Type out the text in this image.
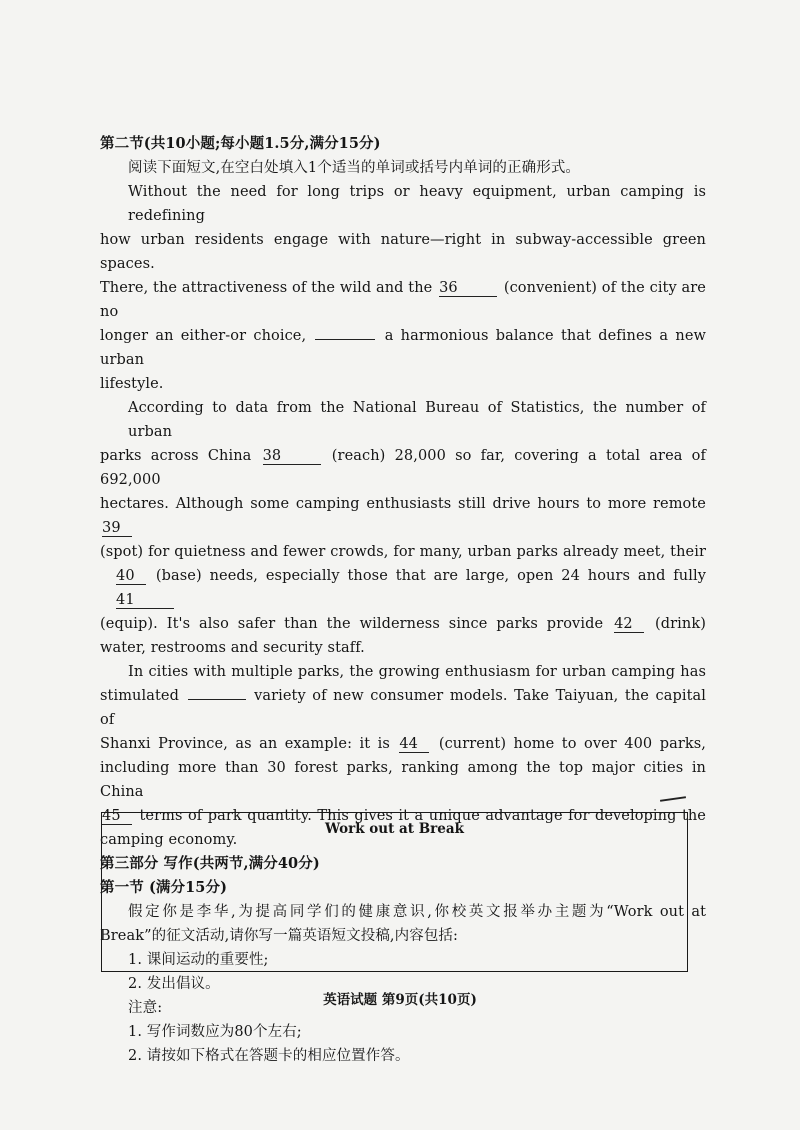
第二节(共10小题;每小题1.5分,满分15分)
阅读下面短文,在空白处填入1个适当的单词或括号内单词的正确形式。
Without the need for long trips or heavy equipment, urban camping is redefining
how urban residents engage with nature—right in subway-accessible green spaces.
There, the attractiveness of the wild and the 36	(convenient) of the city are no
longer an either-or choice,	a harmonious balance that defines a new urban
lifestyle.
According to data from the National Bureau of Statistics, the number of urban
parks across China 38	(reach) 28,000 so far, covering a total area of 692,000
hectares. Although some camping enthusiasts still drive hours to more remote 39
(spot) for quietness and fewer crowds, for many, urban parks already meet, their
40 (base) needs, especially those that are large, open 24 hours and fully 41
(equip). It's also safer than the wilderness since parks provide 42 (drink)
water, restrooms and security staff.
In cities with multiple parks, the growing enthusiasm for urban camping has
stimulated	variety of new consumer models. Take Taiyuan, the capital of
Shanxi Province, as an example: it is 44 (current) home to over 400 parks,
including more than 30 forest parks, ranking among the top major cities in China
45 terms of park quantity. This gives it a unique advantage for developing the
camping economy.
第三部分 写作(共两节,满分40分)
第一节 (满分15分)
假定你是李华,为提高同学们的健康意识,你校英文报举办主题为“Work out at
Break”的征文活动,请你写一篇英语短文投稿,内容包括:
1. 课间运动的重要性;
2. 发出倡议。
注意:
1. 写作词数应为80个左右;
2. 请按如下格式在答题卡的相应位置作答。
Work out at Break
英语试题 第9页(共10页)
